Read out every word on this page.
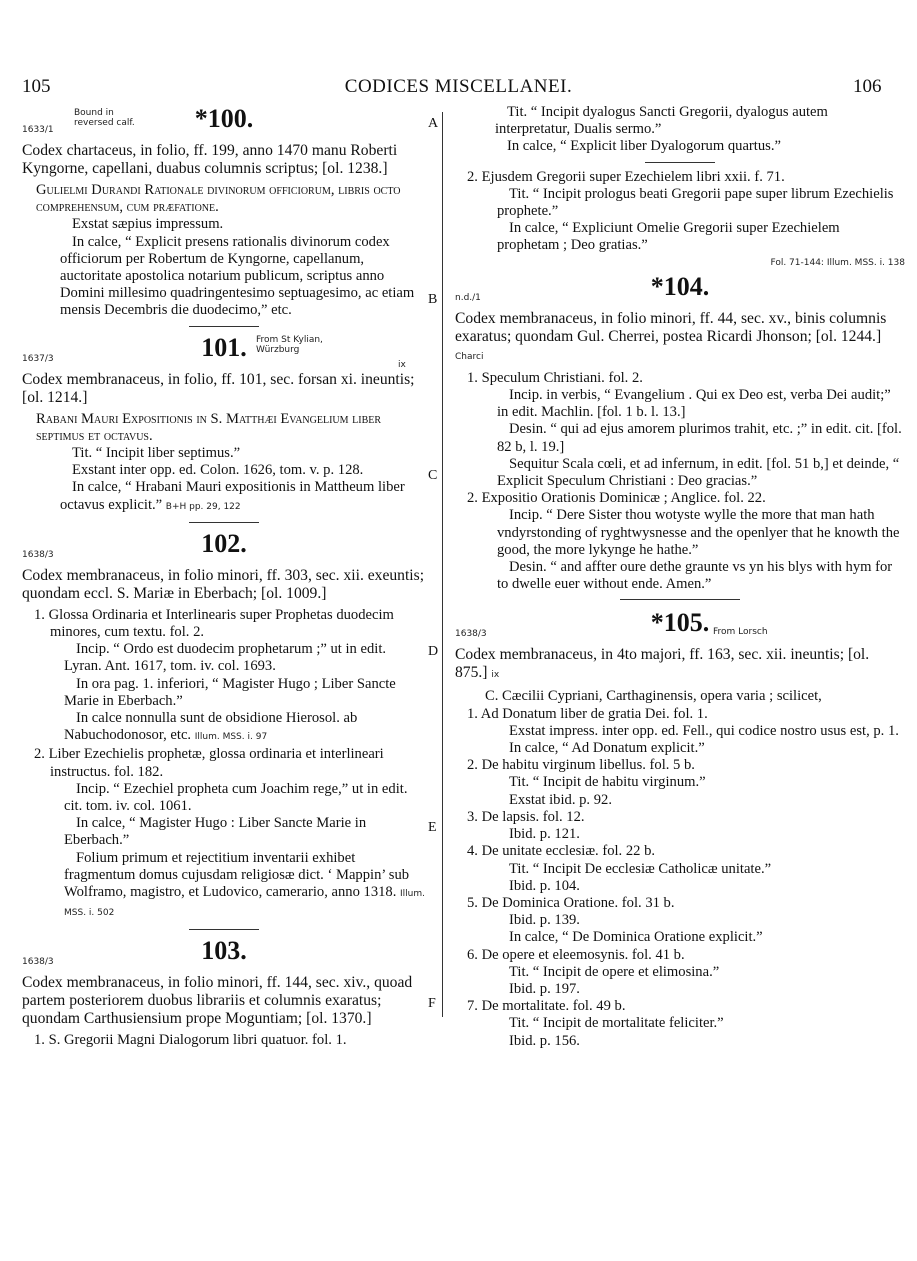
105	CODICES MISCELLANEI.	106
A
B
C
D
E
F
1633/1
Bound in reversed calf.	*100.

Codex chartaceus, in folio, ff. 199, anno 1470 manu Roberti Kyngorne, capellani, duabus columnis scriptus; [ol. 1238.]

Gulielmi Durandi Rationale divinorum officiorum, libris octo comprehensum, cum præfatione.

Exstat sæpius impressum.

In calce, “ Explicit presens rationalis divinorum codex officiorum per Robertum de Kyngorne, capellanum, auctoritate apostolica notarium publicum, scriptus anno Domini millesimo quadringentesimo septuagesimo, ac etiam mensis Decembris die duodecimo,” etc.

1637/3	101.	From St Kylian, Würzburg
ix

Codex membranaceus, in folio, ff. 101, sec. forsan xi. ineuntis; [ol. 1214.]

Rabani Mauri Expositionis in S. Matthæi Evangelium liber septimus et octavus.

Tit. “ Incipit liber septimus.”

Exstant inter opp. ed. Colon. 1626, tom. v. p. 128.

In calce, “ Hrabani Mauri expositionis in Mattheum liber octavus explicit.” B+H pp. 29, 122

1638/3	102.

Codex membranaceus, in folio minori, ff. 303, sec. xii. exeuntis; quondam eccl. S. Mariæ in Eberbach; [ol. 1009.]

1. Glossa Ordinaria et Interlinearis super Prophetas duodecim minores, cum textu. fol. 2.

Incip. “ Ordo est duodecim prophetarum ;” ut in edit. Lyran. Ant. 1617, tom. iv. col. 1693.

In ora pag. 1. inferiori, “ Magister Hugo ; Liber Sancte Marie in Eberbach.”

In calce nonnulla sunt de obsidione Hierosol. ab Nabuchodonosor, etc. Illum. MSS. i. 97

2. Liber Ezechielis prophetæ, glossa ordinaria et interlineari instructus. fol. 182.

Incip. “ Ezechiel propheta cum Joachim rege,” ut in edit. cit. tom. iv. col. 1061.

In calce, “ Magister Hugo : Liber Sancte Marie in Eberbach.”

Folium primum et rejectitium inventarii exhibet fragmentum domus cujusdam religiosæ dict. ‘ Mappin’ sub Wolframo, magistro, et Ludovico, camerario, anno 1318. Illum. MSS. i. 502

1638/3	103.

Codex membranaceus, in folio minori, ff. 144, sec. xiv., quoad partem posteriorem duobus librariis et columnis exaratus; quondam Carthusiensium prope Moguntiam; [ol. 1370.]

1. S. Gregorii Magni Dialogorum libri quatuor. fol. 1.

Tit. “ Incipit dyalogus Sancti Gregorii, dyalogus autem interpretatur, Dualis sermo.”

In calce, “ Explicit liber Dyalogorum quartus.”

2. Ejusdem Gregorii super Ezechielem libri xxii. f. 71.

Tit. “ Incipit prologus beati Gregorii pape super librum Ezechielis prophete.”

In calce, “ Expliciunt Omelie Gregorii super Ezechielem prophetam ; Deo gratias.”

Fol. 71-144: Illum. MSS. i. 138

n.d./1	*104.

Codex membranaceus, in folio minori, ff. 44, sec. xv., binis columnis exaratus; quondam Gul. Cherrei, postea Ricardi Jhonson; [ol. 1244.] Charci

1. Speculum Christiani. fol. 2.

Incip. in verbis, “ Evangelium . Qui ex Deo est, verba Dei audit;” in edit. Machlin. [fol. 1 b. l. 13.]

Desin. “ qui ad ejus amorem plurimos trahit, etc. ;” in edit. cit. [fol. 82 b, l. 19.]

Sequitur Scala cœli, et ad infernum, in edit. [fol. 51 b,] et deinde, “ Explicit Speculum Christiani : Deo gracias.”

2. Expositio Orationis Dominicæ ; Anglice. fol. 22.

Incip. “ Dere Sister thou wotyste wylle the more that man hath vndyrstonding of ryghtwysnesse and the openlyer that he knowth the good, the more lykynge he hathe.”

Desin. “ and affter oure dethe graunte vs yn his blys with hym for to dwelle euer without ende. Amen.”

1638/3	*105. From Lorsch

Codex membranaceus, in 4to majori, ff. 163, sec. xii. ineuntis; [ol. 875.] ix

C. Cæcilii Cypriani, Carthaginensis, opera varia ; scilicet,

1. Ad Donatum liber de gratia Dei. fol. 1.

Exstat impress. inter opp. ed. Fell., qui codice nostro usus est, p. 1.

In calce, “ Ad Donatum explicit.”

2. De habitu virginum libellus. fol. 5 b.

Tit. “ Incipit de habitu virginum.”

Exstat ibid. p. 92.

3. De lapsis. fol. 12.

Ibid. p. 121.

4. De unitate ecclesiæ. fol. 22 b.

Tit. “ Incipit De ecclesiæ Catholicæ unitate.”

Ibid. p. 104.

5. De Dominica Oratione. fol. 31 b.

Ibid. p. 139.

In calce, “ De Dominica Oratione explicit.”

6. De opere et eleemosynis. fol. 41 b.

Tit. “ Incipit de opere et elimosina.”

Ibid. p. 197.

7. De mortalitate. fol. 49 b.

Tit. “ Incipit de mortalitate feliciter.”

Ibid. p. 156.
